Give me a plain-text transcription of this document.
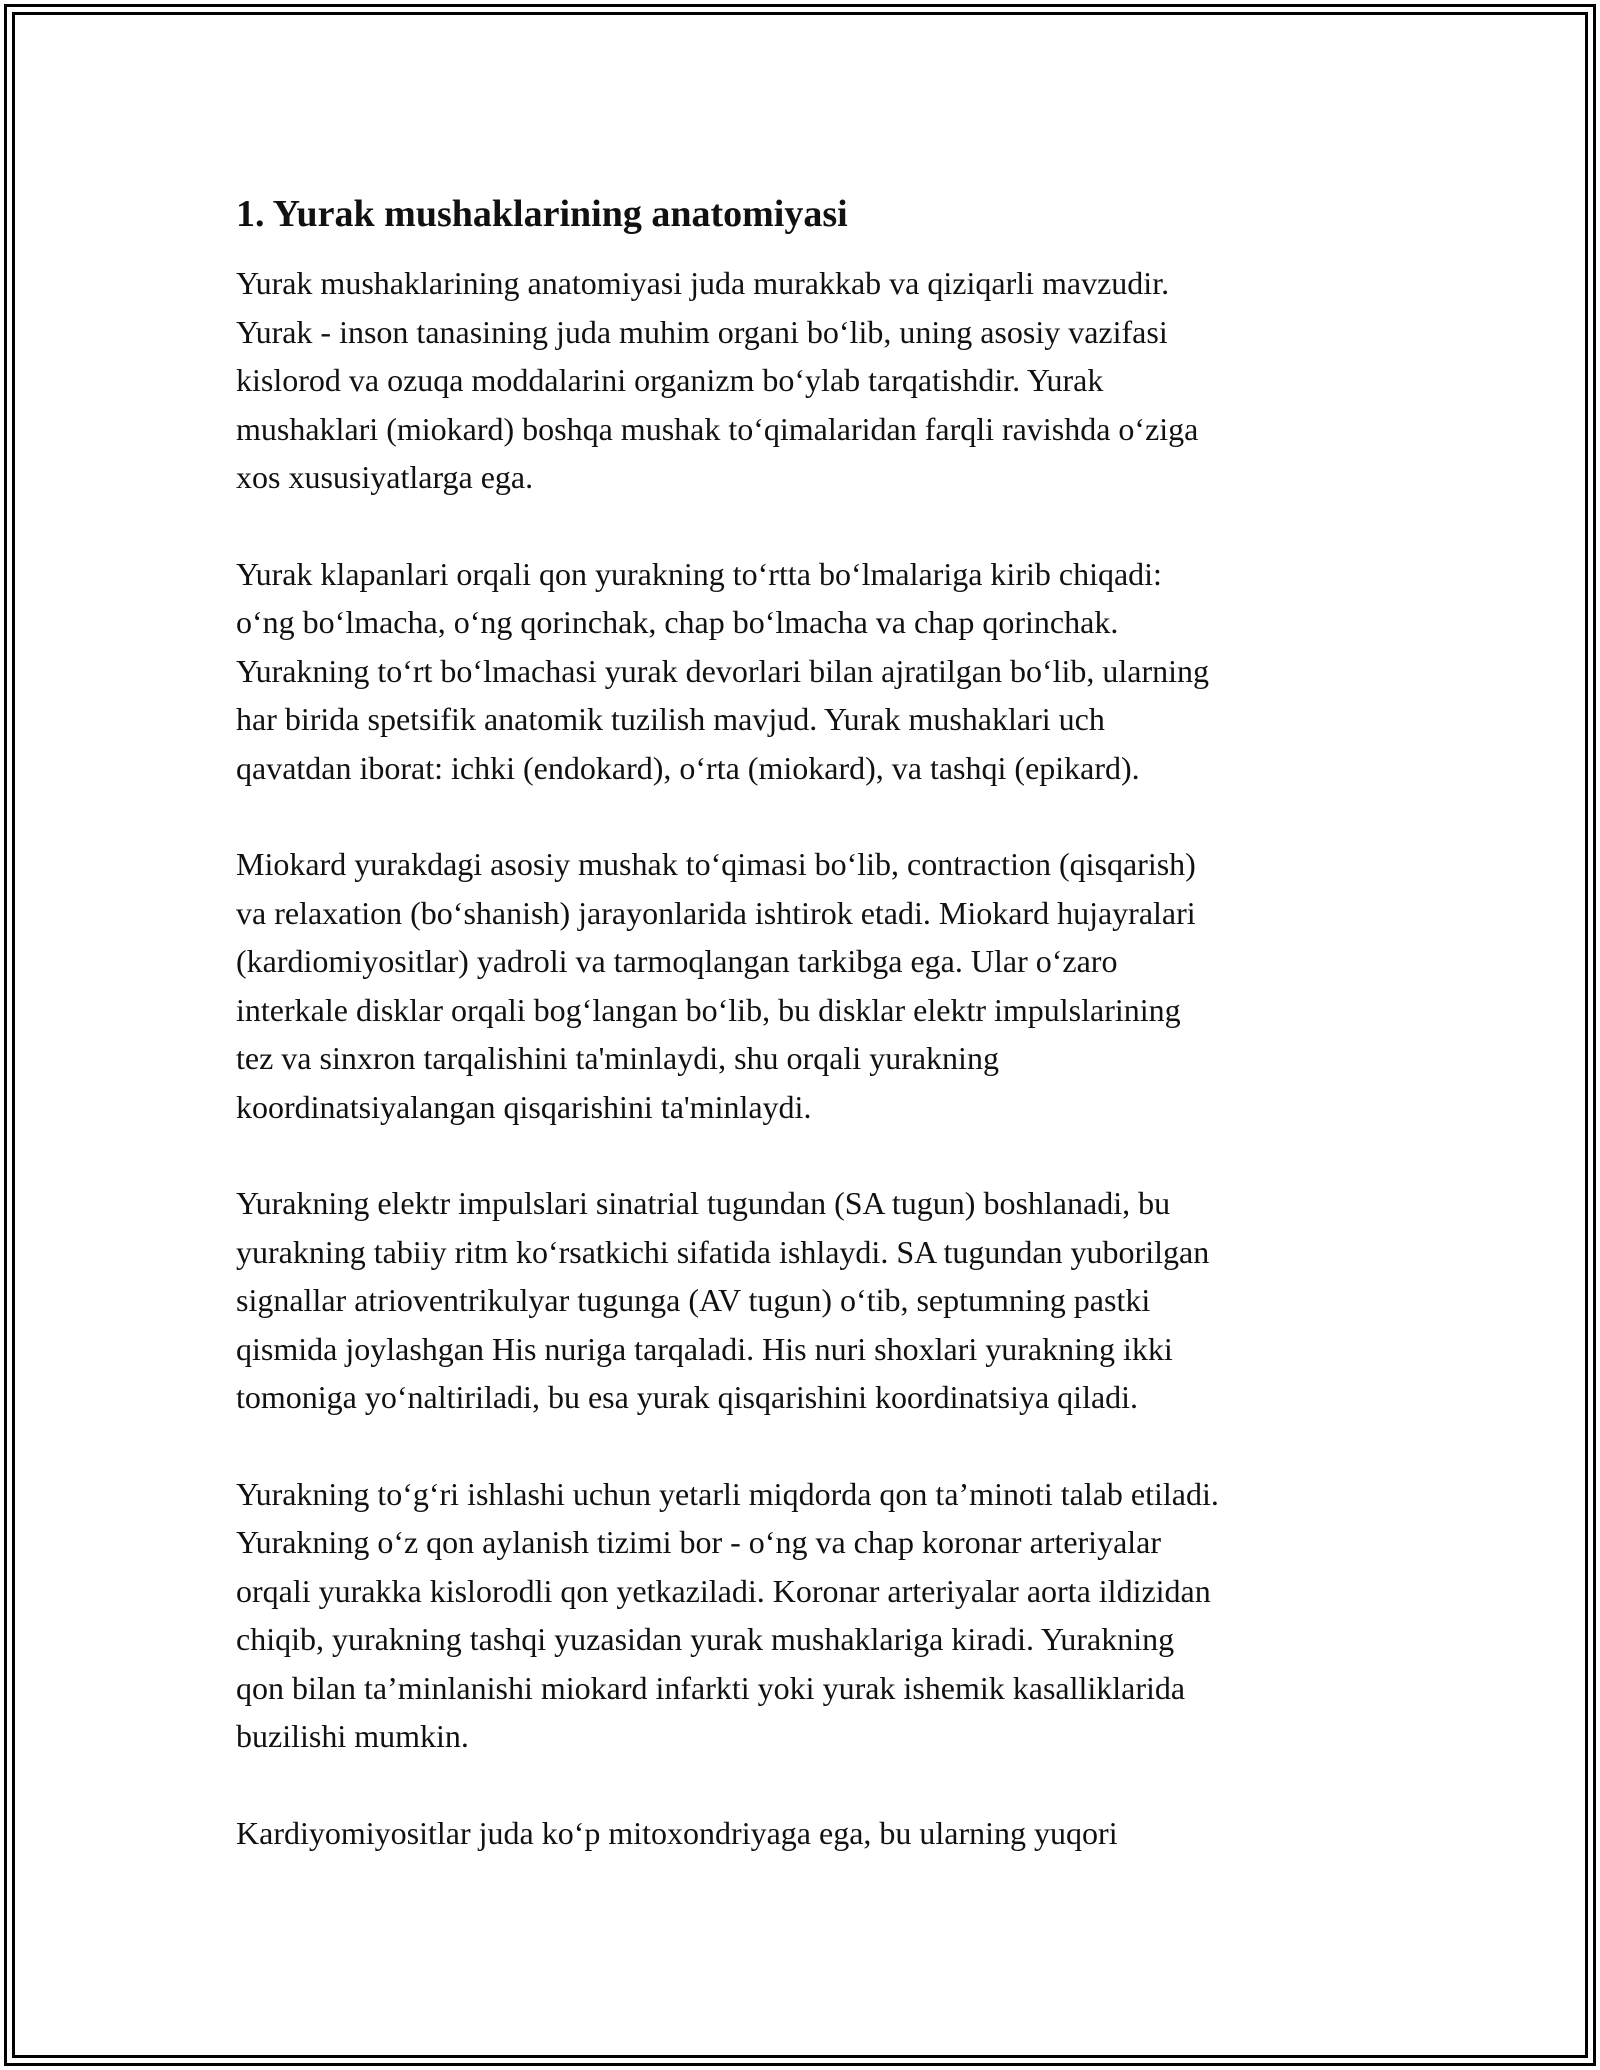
1. Yurak mushaklarining anatomiyasi

Yurak mushaklarining anatomiyasi juda murakkab va qiziqarli mavzudir.
Yurak - inson tanasining juda muhim organi bo‘lib, uning asosiy vazifasi
kislorod va ozuqa moddalarini organizm bo‘ylab tarqatishdir. Yurak
mushaklari (miokard) boshqa mushak to‘qimalaridan farqli ravishda o‘ziga
xos xususiyatlarga ega.

Yurak klapanlari orqali qon yurakning to‘rtta bo‘lmalariga kirib chiqadi:
o‘ng bo‘lmacha, o‘ng qorinchak, chap bo‘lmacha va chap qorinchak.
Yurakning to‘rt bo‘lmachasi yurak devorlari bilan ajratilgan bo‘lib, ularning
har birida spetsifik anatomik tuzilish mavjud. Yurak mushaklari uch
qavatdan iborat: ichki (endokard), o‘rta (miokard), va tashqi (epikard).

Miokard yurakdagi asosiy mushak to‘qimasi bo‘lib, contraction (qisqarish)
va relaxation (bo‘shanish) jarayonlarida ishtirok etadi. Miokard hujayralari
(kardiomiyositlar) yadroli va tarmoqlangan tarkibga ega. Ular o‘zaro
interkale disklar orqali bog‘langan bo‘lib, bu disklar elektr impulslarining
tez va sinxron tarqalishini ta'minlaydi, shu orqali yurakning
koordinatsiyalangan qisqarishini ta'minlaydi.

Yurakning elektr impulslari sinatrial tugundan (SA tugun) boshlanadi, bu
yurakning tabiiy ritm ko‘rsatkichi sifatida ishlaydi. SA tugundan yuborilgan
signallar atrioventrikulyar tugunga (AV tugun) o‘tib, septumning pastki
qismida joylashgan His nuriga tarqaladi. His nuri shoxlari yurakning ikki
tomoniga yo‘naltiriladi, bu esa yurak qisqarishini koordinatsiya qiladi.

Yurakning to‘g‘ri ishlashi uchun yetarli miqdorda qon ta’minoti talab etiladi.
Yurakning o‘z qon aylanish tizimi bor - o‘ng va chap koronar arteriyalar
orqali yurakka kislorodli qon yetkaziladi. Koronar arteriyalar aorta ildizidan
chiqib, yurakning tashqi yuzasidan yurak mushaklariga kiradi. Yurakning
qon bilan ta’minlanishi miokard infarkti yoki yurak ishemik kasalliklarida
buzilishi mumkin.

Kardiyomiyositlar juda ko‘p mitoxondriyaga ega, bu ularning yuqori
